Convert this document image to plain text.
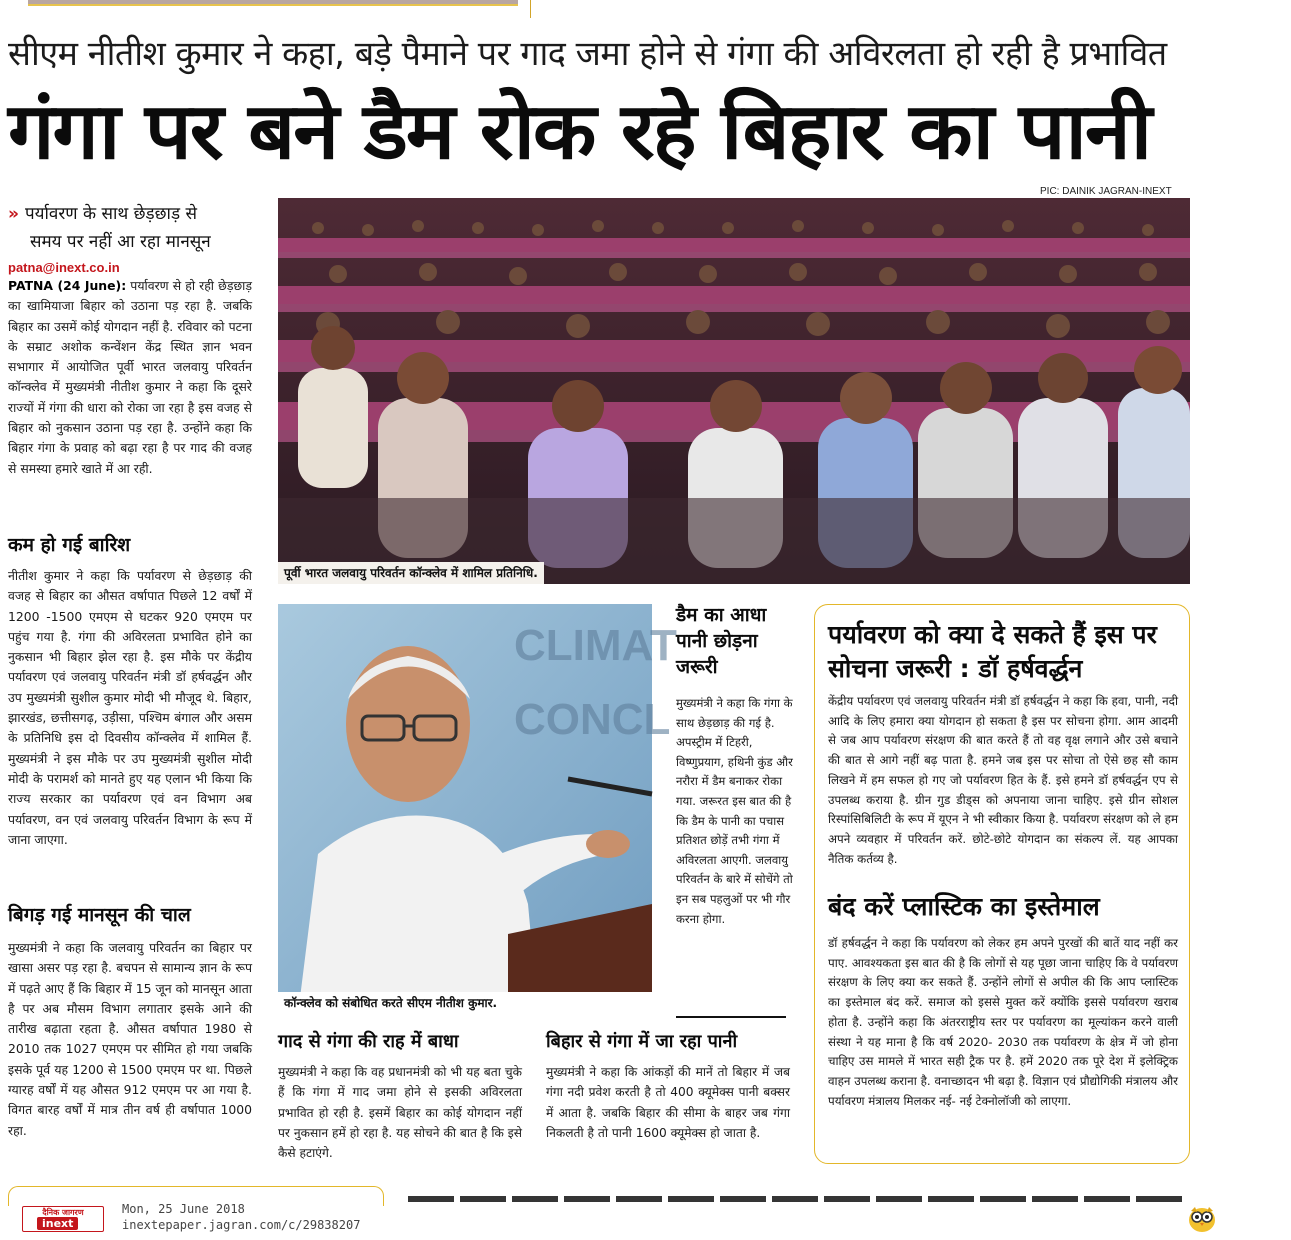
सीएम नीतीश कुमार ने कहा, बड़े पैमाने पर गाद जमा होने से गंगा की अविरलता हो रही है प्रभावित
गंगा पर बने डैम रोक रहे बिहार का पानी
PIC: DAINIK JAGRAN-INEXT
» पर्यावरण के साथ छेड़छाड़ से
समय पर नहीं आ रहा मानसून
patna@inext.co.in
PATNA (24 June): पर्यावरण से हो रही छेड़छाड़ का खामियाजा बिहार को उठाना पड़ रहा है. जबकि बिहार का उसमें कोई योगदान नहीं है. रविवार को पटना के सम्राट अशोक कन्वेंशन केंद्र स्थित ज्ञान भवन सभागार में आयोजित पूर्वी भारत जलवायु परिवर्तन कॉन्क्लेव में मुख्यमंत्री नीतीश कुमार ने कहा कि दूसरे राज्यों में गंगा की धारा को रोका जा रहा है इस वजह से बिहार को नुकसान उठाना पड़ रहा है. उन्होंने कहा कि बिहार गंगा के प्रवाह को बढ़ा रहा है पर गाद की वजह से समस्या हमारे खाते में आ रही.
कम हो गई बारिश
नीतीश कुमार ने कहा कि पर्यावरण से छेड़छाड़ की वजह से बिहार का औसत वर्षापात पिछले 12 वर्षों में 1200 -1500 एमएम से घटकर 920 एमएम पर पहुंच गया है. गंगा की अविरलता प्रभावित होने का नुकसान भी बिहार झेल रहा है. इस मौके पर केंद्रीय पर्यावरण एवं जलवायु परिवर्तन मंत्री डॉ हर्षवर्द्धन और उप मुख्यमंत्री सुशील कुमार मोदी भी मौजूद थे. बिहार, झारखंड, छत्तीसगढ़, उड़ीसा, पश्चिम बंगाल और असम के प्रतिनिधि इस दो दिवसीय कॉन्क्लेव में शामिल हैं. मुख्यमंत्री ने इस मौके पर उप मुख्यमंत्री सुशील मोदी मोदी के परामर्श को मानते हुए यह एलान भी किया कि राज्य सरकार का पर्यावरण एवं वन विभाग अब पर्यावरण, वन एवं जलवायु परिवर्तन विभाग के रूप में जाना जाएगा.
बिगड़ गई मानसून की चाल
मुख्यमंत्री ने कहा कि जलवायु परिवर्तन का बिहार पर खासा असर पड़ रहा है. बचपन से सामान्य ज्ञान के रूप में पढ़ते आए हैं कि बिहार में 15 जून को मानसून आता है पर अब मौसम विभाग लगातार इसके आने की तारीख बढ़ाता रहता है. औसत वर्षापात 1980 से 2010 तक 1027 एमएम पर सीमित हो गया जबकि इसके पूर्व यह 1200 से 1500 एमएम पर था. पिछले ग्यारह वर्षों में यह औसत 912 एमएम पर आ गया है. विगत बारह वर्षों में मात्र तीन वर्ष ही वर्षापात 1000 रहा.
पूर्वी भारत जलवायु परिवर्तन कॉन्क्लेव में शामिल प्रतिनिधि.
CLIMAT
CONCL
कॉन्क्लेव को संबोधित करते सीएम नीतीश कुमार.
डैम का आधा पानी छोड़ना जरूरी
मुख्यमंत्री ने कहा कि गंगा के साथ छेड़छाड़ की गई है. अपस्ट्रीम में टिहरी, विष्णुप्रयाग, हथिनी कुंड और नरौरा में डैम बनाकर रोका गया. जरूरत इस बात की है कि डैम के पानी का पचास प्रतिशत छोड़ें तभी गंगा में अविरलता आएगी. जलवायु परिवर्तन के बारे में सोचेंगे तो इन सब पहलुओं पर भी गौर करना होगा.
पर्यावरण को क्या दे सकते हैं इस पर सोचना जरूरी : डॉ हर्षवर्द्धन
केंद्रीय पर्यावरण एवं जलवायु परिवर्तन मंत्री डॉ हर्षवर्द्धन ने कहा कि हवा, पानी, नदी आदि के लिए हमारा क्या योगदान हो सकता है इस पर सोचना होगा. आम आदमी से जब आप पर्यावरण संरक्षण की बात करते हैं तो वह वृक्ष लगाने और उसे बचाने की बात से आगे नहीं बढ़ पाता है. हमने जब इस पर सोचा तो ऐसे छह सौ काम लिखने में हम सफल हो गए जो पर्यावरण हित के हैं. इसे हमने डॉ हर्षवर्द्धन एप से उपलब्ध कराया है. ग्रीन गुड डीड्स को अपनाया जाना चाहिए. इसे ग्रीन सोशल रिस्पांसिबिलिटी के रूप में यूएन ने भी स्वीकार किया है. पर्यावरण संरक्षण को ले हम अपने व्यवहार में परिवर्तन करें. छोटे-छोटे योगदान का संकल्प लें. यह आपका नैतिक कर्तव्य है.
बंद करें प्लास्टिक का इस्तेमाल
डॉ हर्षवर्द्धन ने कहा कि पर्यावरण को लेकर हम अपने पुरखों की बातें याद नहीं कर पाए. आवश्यकता इस बात की है कि लोगों से यह पूछा जाना चाहिए कि वे पर्यावरण संरक्षण के लिए क्या कर सकते हैं. उन्होंने लोगों से अपील की कि आप प्लास्टिक का इस्तेमाल बंद करें. समाज को इससे मुक्त करें क्योंकि इससे पर्यावरण खराब होता है. उन्होंने कहा कि अंतरराष्ट्रीय स्तर पर पर्यावरण का मूल्यांकन करने वाली संस्था ने यह माना है कि वर्ष 2020- 2030 तक पर्यावरण के क्षेत्र में जो होना चाहिए उस मामले में भारत सही ट्रैक पर है. हमें 2020 तक पूरे देश में इलेक्ट्रिक वाहन उपलब्ध कराना है. वनाच्छादन भी बढ़ा है. विज्ञान एवं प्रौद्योगिकी मंत्रालय और पर्यावरण मंत्रालय मिलकर नई- नई टेक्नोलॉजी को लाएगा.
गाद से गंगा की राह में बाधा
मुख्यमंत्री ने कहा कि वह प्रधानमंत्री को भी यह बता चुके हैं कि गंगा में गाद जमा होने से इसकी अविरलता प्रभावित हो रही है. इसमें बिहार का कोई योगदान नहीं पर नुकसान हमें हो रहा है. यह सोचने की बात है कि इसे कैसे हटाएंगे.
बिहार से गंगा में जा रहा पानी
मुख्यमंत्री ने कहा कि आंकड़ों की मानें तो बिहार में जब गंगा नदी प्रवेश करती है तो 400 क्यूमेक्स पानी बक्सर में आता है. जबकि बिहार की सीमा के बाहर जब गंगा निकलती है तो पानी 1600 क्यूमेक्स हो जाता है.
दैनिक जागरण
inext
Mon, 25 June 2018
inextepaper.jagran.com/c/29838207
